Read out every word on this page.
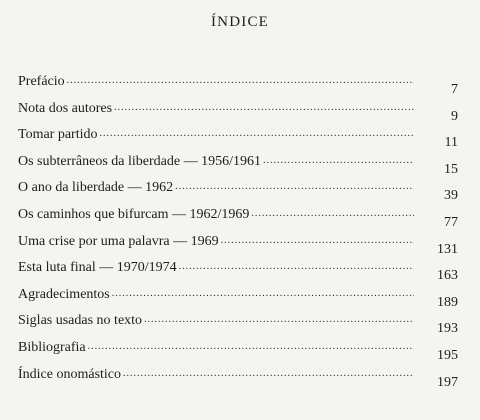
ÍNDICE
Prefácio
.....
7
Nota dos autores
.....
9
Tomar partido
.....
11
Os subterrâneos da liberdade — 1956/1961
.....
15
O ano da liberdade — 1962
.....
39
Os caminhos que bifurcam — 1962/1969
.....
77
Uma crise por uma palavra — 1969
.....
131
Esta luta final — 1970/1974
.....
163
Agradecimentos
.....
189
Siglas usadas no texto
.....
193
Bibliografia
.....
195
Índice onomástico
.....
197
